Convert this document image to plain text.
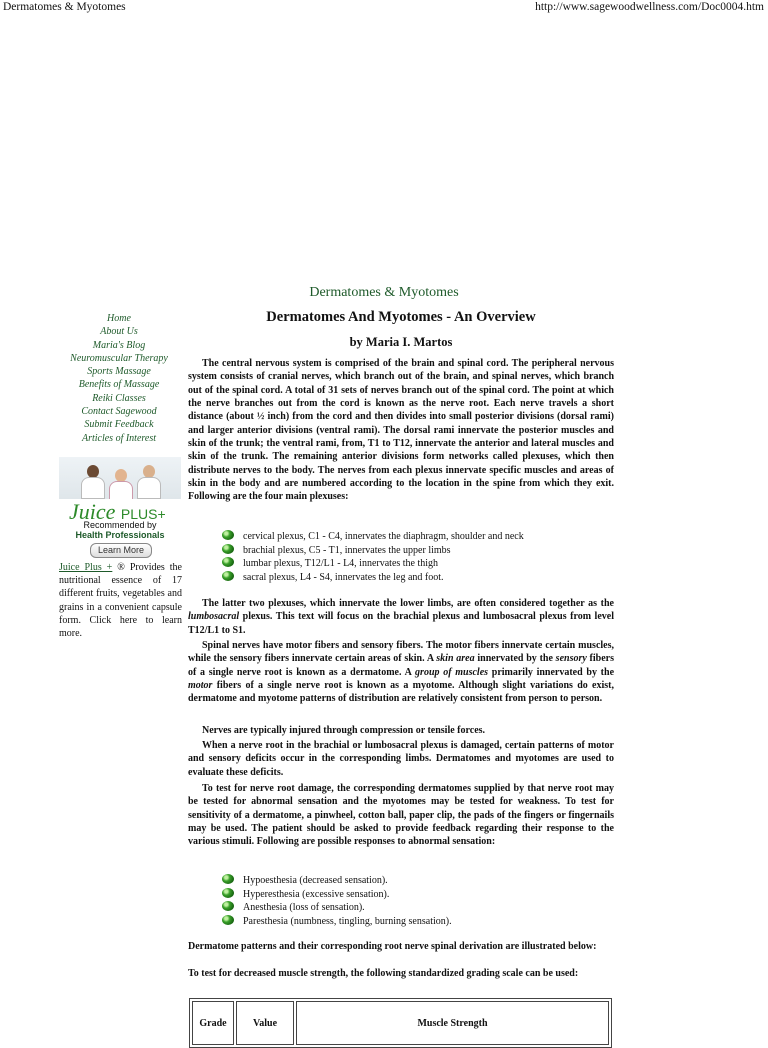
Dermatomes & Myotomes	http://www.sagewoodwellness.com/Doc0004.htm
Dermatomes & Myotomes
Dermatomes And Myotomes - An Overview
by Maria I. Martos
Home
About Us
Maria's Blog
Neuromuscular Therapy
Sports Massage
Benefits of Massage
Reiki Classes
Contact Sagewood
Submit Feedback
Articles of Interest
Juice PLUS+
Recommended by
Health Professionals
Learn More
Juice Plus + ® Provides the nutritional essence of 17 different fruits, vegetables and grains in a convenient capsule form. Click here to learn more.

The central nervous system is comprised of the brain and spinal cord. The peripheral nervous system consists of cranial nerves, which branch out of the brain, and spinal nerves, which branch out of the spinal cord. A total of 31 sets of nerves branch out of the spinal cord. The point at which the nerve branches out from the cord is known as the nerve root. Each nerve travels a short distance (about ½ inch) from the cord and then divides into small posterior divisions (dorsal rami) and larger anterior divisions (ventral rami). The dorsal rami innervate the posterior muscles and skin of the trunk; the ventral rami, from, T1 to T12, innervate the anterior and lateral muscles and skin of the trunk. The remaining anterior divisions form networks called plexuses, which then distribute nerves to the body. The nerves from each plexus innervate specific muscles and areas of skin in the body and are numbered according to the location in the spine from which they exit. Following are the four main plexuses:

cervical plexus, C1 - C4, innervates the diaphragm, shoulder and neck
brachial plexus, C5 - T1, innervates the upper limbs
lumbar plexus, T12/L1 - L4, innervates the thigh
sacral plexus, L4 - S4, innervates the leg and foot.

The latter two plexuses, which innervate the lower limbs, are often considered together as the lumbosacral plexus. This text will focus on the brachial plexus and lumbosacral plexus from level T12/L1 to S1.

Spinal nerves have motor fibers and sensory fibers. The motor fibers innervate certain muscles, while the sensory fibers innervate certain areas of skin. A skin area innervated by the sensory fibers of a single nerve root is known as a dermatome. A group of muscles primarily innervated by the motor fibers of a single nerve root is known as a myotome. Although slight variations do exist, dermatome and myotome patterns of distribution are relatively consistent from person to person.

Nerves are typically injured through compression or tensile forces.

When a nerve root in the brachial or lumbosacral plexus is damaged, certain patterns of motor and sensory deficits occur in the corresponding limbs. Dermatomes and myotomes are used to evaluate these deficits.

To test for nerve root damage, the corresponding dermatomes supplied by that nerve root may be tested for abnormal sensation and the myotomes may be tested for weakness. To test for sensitivity of a dermatome, a pinwheel, cotton ball, paper clip, the pads of the fingers or fingernails may be used. The patient should be asked to provide feedback regarding their response to the various stimuli. Following are possible responses to abnormal sensation:

Hypoesthesia (decreased sensation).
Hyperesthesia (excessive sensation).
Anesthesia (loss of sensation).
Paresthesia (numbness, tingling, burning sensation).

Dermatome patterns and their corresponding root nerve spinal derivation are illustrated below:

To test for decreased muscle strength, the following standardized grading scale can be used:

Grade	Value	Muscle Strength
